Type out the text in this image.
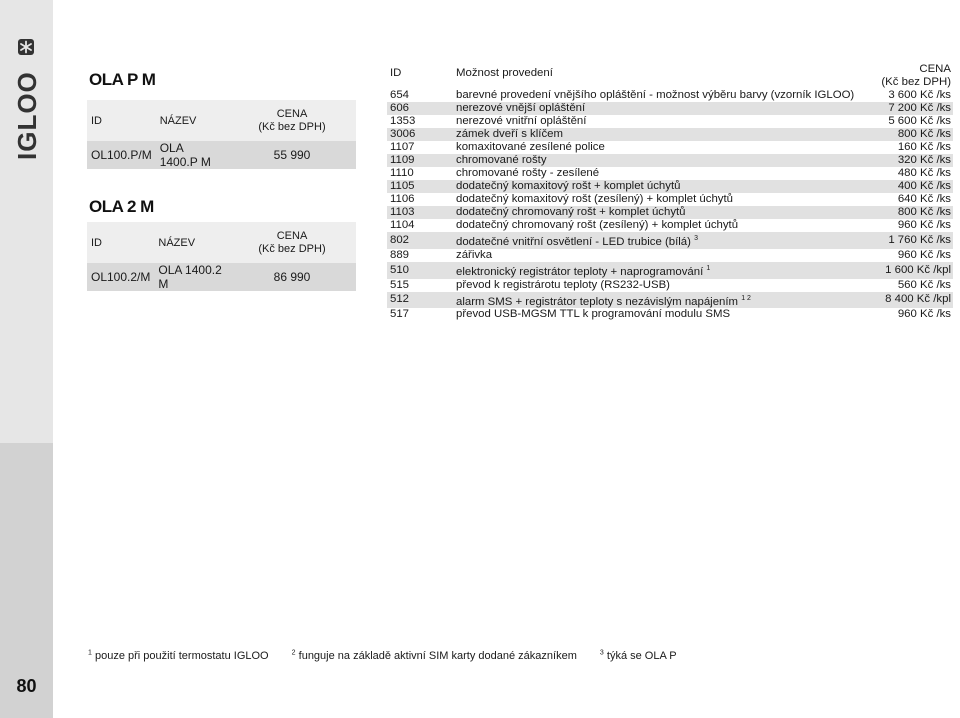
IGLOO
80
OLA P M
ID	NÁZEV	CENA
(Kč bez DPH)
OL100.P/M	OLA 1400.P M	55 990
OLA 2 M
ID	NÁZEV	CENA
(Kč bez DPH)
OL100.2/M	OLA 1400.2 M	86 990
ID	Možnost provedení	CENA
(Kč bez DPH)
654	barevné provedení vnějšího opláštění - možnost výběru barvy (vzorník IGLOO)	3 600 Kč /ks
606	nerezové vnější opláštění	7 200 Kč /ks
1353	nerezové vnitřní opláštění	5 600 Kč /ks
3006	zámek dveří s klíčem	800 Kč /ks
1107	komaxitované zesílené police	160 Kč /ks
1109	chromované rošty	320 Kč /ks
1110	chromované rošty - zesílené	480 Kč /ks
1105	dodatečný komaxitový rošt + komplet úchytů	400 Kč /ks
1106	dodatečný komaxitový rošt (zesílený) + komplet úchytů	640 Kč /ks
1103	dodatečný chromovaný rošt + komplet úchytů	800 Kč /ks
1104	dodatečný chromovaný rošt (zesílený) + komplet úchytů	960 Kč /ks
802	dodatečné vnitřní osvětlení - LED trubice (bílá) $^3$	1 760 Kč /ks
889	zářivka	960 Kč /ks
510	elektronický registrátor teploty + naprogramování $^1$	1 600 Kč /kpl
515	převod k registrárotu teploty (RS232-USB)	560 Kč /ks
512	alarm SMS + registrátor teploty s nezávislým napájením $^{1 2}$	8 400 Kč /kpl
517	převod USB-MGSM TTL k programování modulu SMS	960 Kč /ks
$^1$ pouze při použití termostatu IGLOO	$^2$ funguje na základě aktivní SIM karty dodané zákazníkem	$^3$ týká se OLA P
